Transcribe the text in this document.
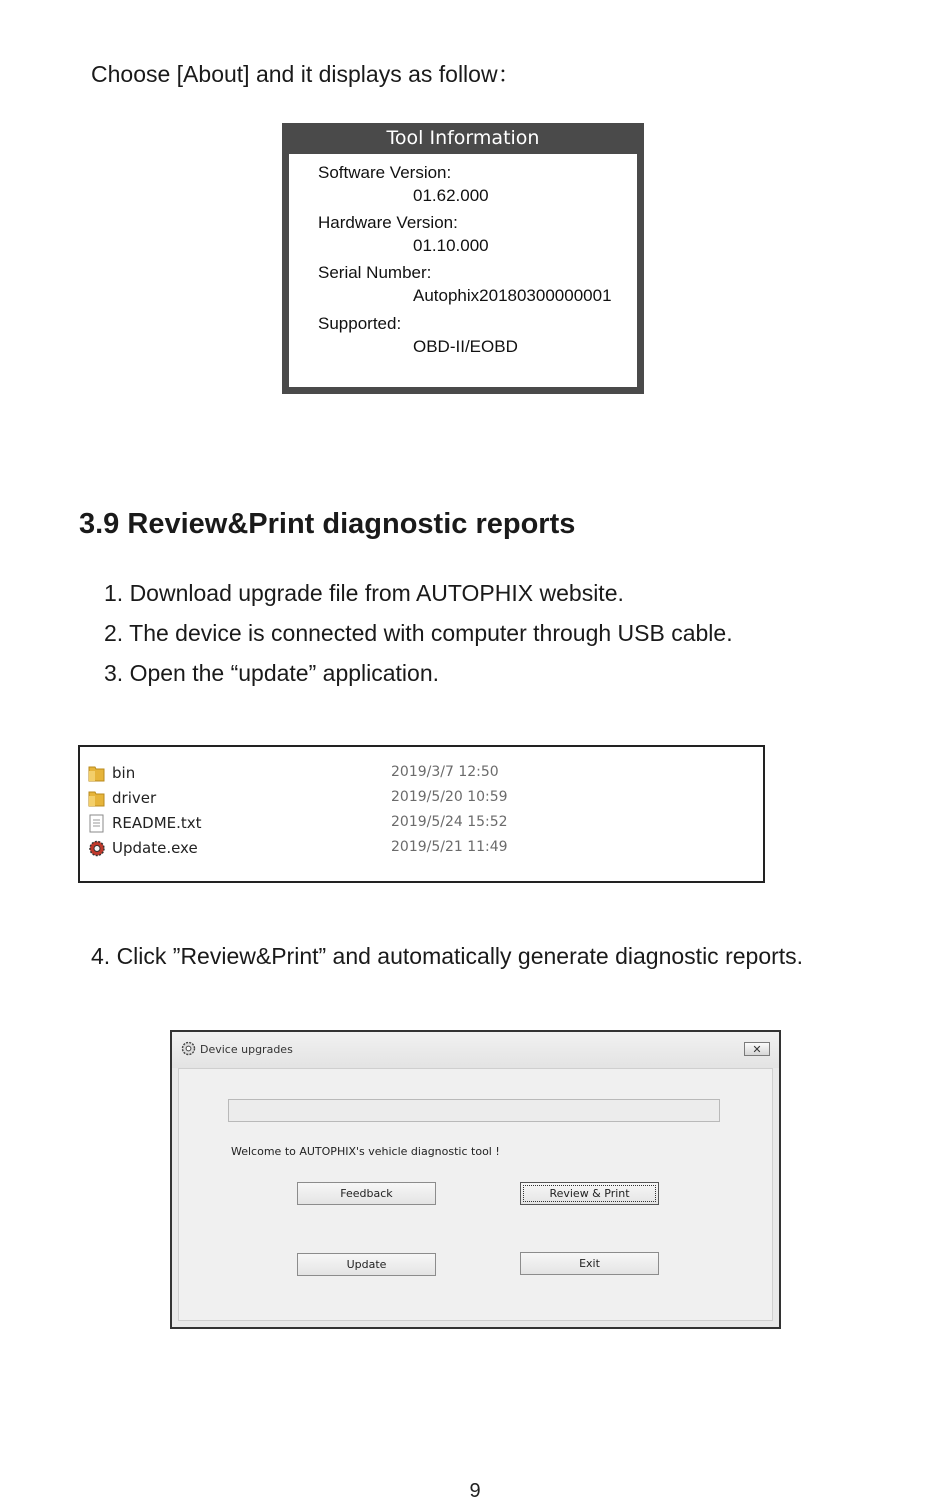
Choose [About] and it displays as follow：
Tool Information
Software Version:
01.62.000
Hardware Version:
01.10.000
Serial Number:
Autophix20180300000001
Supported:
OBD-II/EOBD
3.9 Review&Print diagnostic reports
1. Download upgrade file from AUTOPHIX website.
2. The device is connected with computer through USB cable.
3. Open the “update” application.
bin	2019/3/7 12:50
driver	2019/5/20 10:59
README.txt	2019/5/24 15:52
Update.exe	2019/5/21 11:49
4. Click ”Review&Print” and automatically generate diagnostic reports.
Device upgrades	✕
Welcome to AUTOPHIX's vehicle diagnostic tool !
Feedback	Review & Print
Update	Exit
9
